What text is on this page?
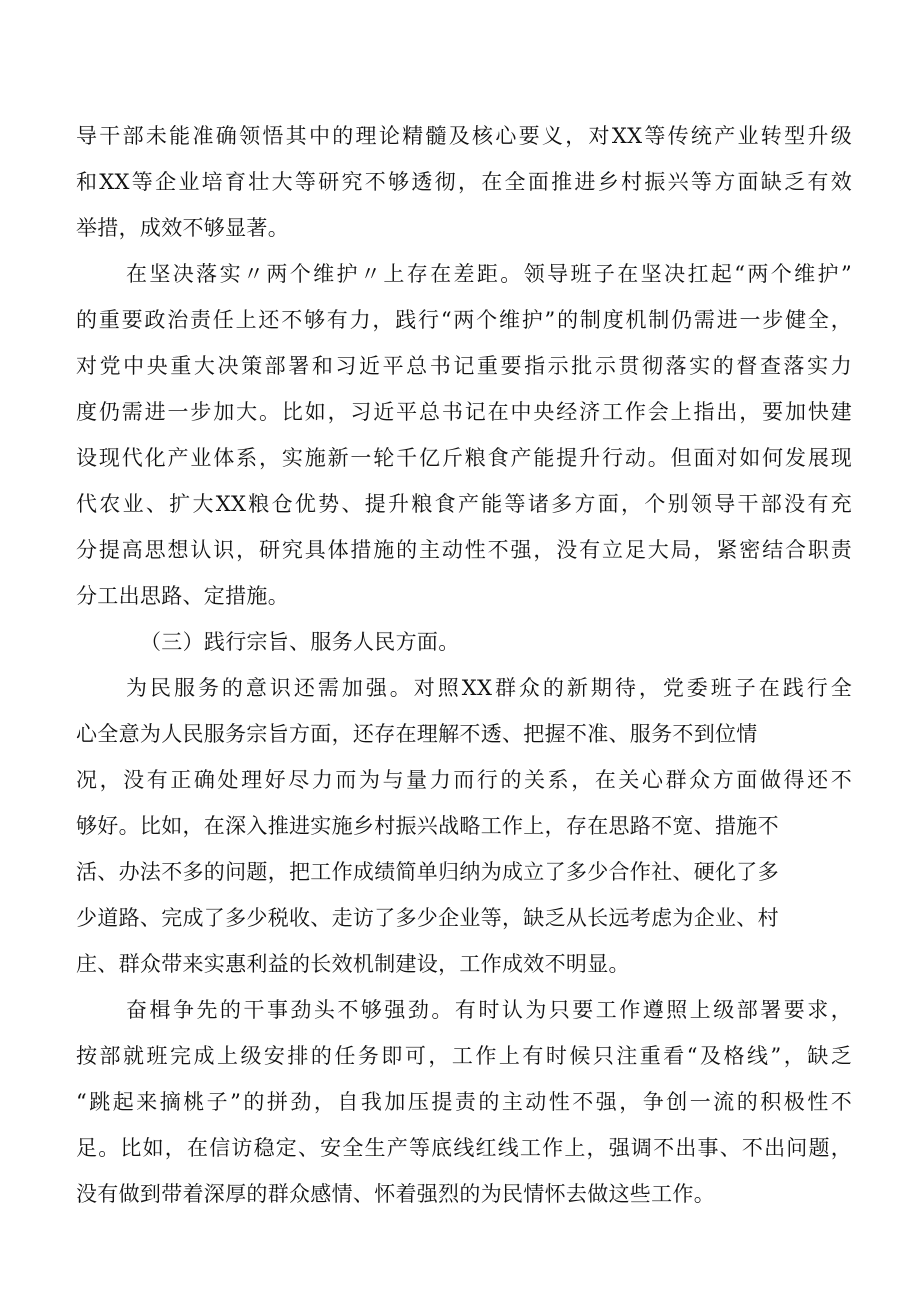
导干部未能准确领悟其中的理论精髓及核心要义，对XX等传统产业转型升级
和XX等企业培育壮大等研究不够透彻，在全面推进乡村振兴等方面缺乏有效
举措，成效不够显著。
在坚决落实〃两个维护〃上存在差距。领导班子在坚决扛起“两个维护”
的重要政治责任上还不够有力，践行“两个维护”的制度机制仍需进一步健全，
对党中央重大决策部署和习近平总书记重要指示批示贯彻落实的督查落实力
度仍需进一步加大。比如，习近平总书记在中央经济工作会上指出，要加快建
设现代化产业体系，实施新一轮千亿斤粮食产能提升行动。但面对如何发展现
代农业、扩大XX粮仓优势、提升粮食产能等诸多方面，个别领导干部没有充
分提高思想认识，研究具体措施的主动性不强，没有立足大局，紧密结合职责
分工出思路、定措施。
（三）践行宗旨、服务人民方面。
为民服务的意识还需加强。对照XX群众的新期待，党委班子在践行全
心全意为人民服务宗旨方面，还存在理解不透、把握不准、服务不到位情
况，没有正确处理好尽力而为与量力而行的关系，在关心群众方面做得还不
够好。比如，在深入推进实施乡村振兴战略工作上，存在思路不宽、措施不
活、办法不多的问题，把工作成绩简单归纳为成立了多少合作社、硬化了多
少道路、完成了多少税收、走访了多少企业等，缺乏从长远考虑为企业、村
庄、群众带来实惠利益的长效机制建设，工作成效不明显。
奋楫争先的干事劲头不够强劲。有时认为只要工作遵照上级部署要求，
按部就班完成上级安排的任务即可，工作上有时候只注重看“及格线”，缺乏
“跳起来摘桃子”的拼劲，自我加压提责的主动性不强，争创一流的积极性不
足。比如，在信访稳定、安全生产等底线红线工作上，强调不出事、不出问题，
没有做到带着深厚的群众感情、怀着强烈的为民情怀去做这些工作。
